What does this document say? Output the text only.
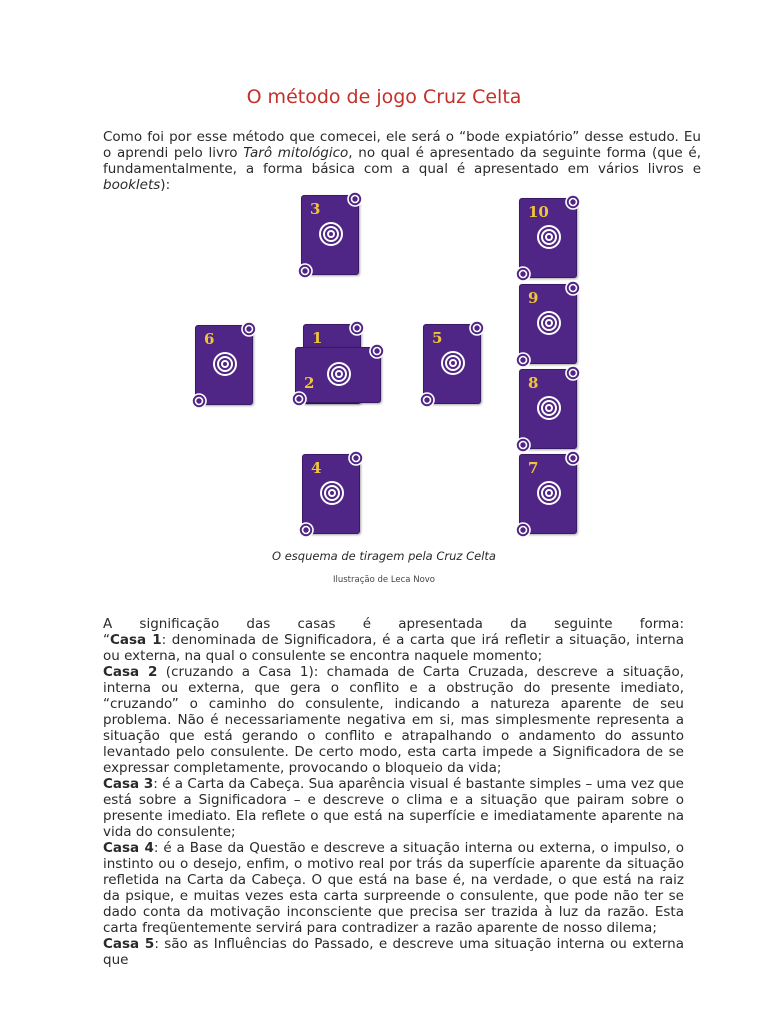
O método de jogo Cruz Celta

Como foi por esse método que comecei, ele será o “bode expiatório” desse estudo. Eu o aprendi pelo livro Tarô mitológico, no qual é apresentado da seguinte forma (que é, fundamentalmente, a forma básica com a qual é apresentado em vários livros e booklets):

3
6	1
2
5
4
10
9
8
7

O esquema de tiragem pela Cruz Celta

Ilustração de Leca Novo

A significação das casas é apresentada da seguinte forma:

“Casa 1: denominada de Significadora, é a carta que irá refletir a situação, interna ou externa, na qual o consulente se encontra naquele momento;

Casa 2 (cruzando a Casa 1): chamada de Carta Cruzada, descreve a situação, interna ou externa, que gera o conflito e a obstrução do presente imediato, “cruzando” o caminho do consulente, indicando a natureza aparente de seu problema. Não é necessariamente negativa em si, mas simplesmente representa a situação que está gerando o conflito e atrapalhando o andamento do assunto levantado pelo consulente. De certo modo, esta carta impede a Significadora de se expressar completamente, provocando o bloqueio da vida;

Casa 3: é a Carta da Cabeça. Sua aparência visual é bastante simples – uma vez que está sobre a Significadora – e descreve o clima e a situação que pairam sobre o presente imediato. Ela reflete o que está na superfície e imediatamente aparente na vida do consulente;

Casa 4: é a Base da Questão e descreve a situação interna ou externa, o impulso, o instinto ou o desejo, enfim, o motivo real por trás da superfície aparente da situação refletida na Carta da Cabeça. O que está na base é, na verdade, o que está na raiz da psique, e muitas vezes esta carta surpreende o consulente, que pode não ter se dado conta da motivação inconsciente que precisa ser trazida à luz da razão. Esta carta freqüentemente servirá para contradizer a razão aparente de nosso dilema;

Casa 5: são as Influências do Passado, e descreve uma situação interna ou externa que
